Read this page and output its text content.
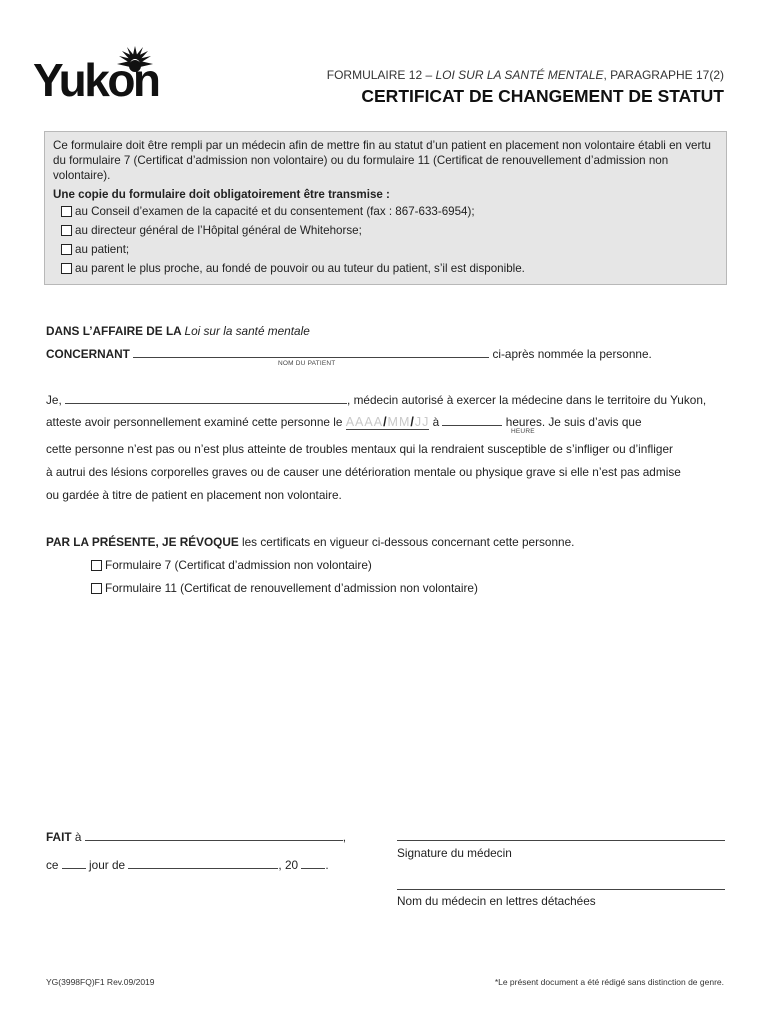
Yukon	FORMULAIRE 12 – LOI SUR LA SANTÉ MENTALE, PARAGRAPHE 17(2)
CERTIFICAT DE CHANGEMENT DE STATUT
Ce formulaire doit être rempli par un médecin afin de mettre fin au statut d’un patient en placement non volontaire établi en vertu du formulaire 7 (Certificat d’admission non volontaire) ou du formulaire 11 (Certificat de renouvellement d’admission non volontaire).
Une copie du formulaire doit obligatoirement être transmise :
au Conseil d’examen de la capacité et du consentement (fax : 867-633-6954);
au directeur général de l’Hôpital général de Whitehorse;
au patient;
au parent le plus proche, au fondé de pouvoir ou au tuteur du patient, s’il est disponible.
DANS L’AFFAIRE DE LA Loi sur la santé mentale
CONCERNANT	ci-après nommée la personne.
NOM DU PATIENT
Je,	, médecin autorisé à exercer la médecine dans le territoire du Yukon,
atteste avoir personnellement examiné cette personne le AAAA/MM/JJ à	heures. Je suis d’avis que
HEURE
cette personne n’est pas ou n’est plus atteinte de troubles mentaux qui la rendraient susceptible de s’infliger ou d’infliger
à autrui des lésions corporelles graves ou de causer une détérioration mentale ou physique grave si elle n’est pas admise
ou gardée à titre de patient en placement non volontaire.
PAR LA PRÉSENTE, JE RÉVOQUE les certificats en vigueur ci-dessous concernant cette personne.
Formulaire 7 (Certificat d’admission non volontaire)
Formulaire 11 (Certificat de renouvellement d’admission non volontaire)
FAIT à	,
ce	jour de	, 20 .
Signature du médecin
Nom du médecin en lettres détachées
YG(3998FQ)F1 Rev.09/2019	*Le présent document a été rédigé sans distinction de genre.
